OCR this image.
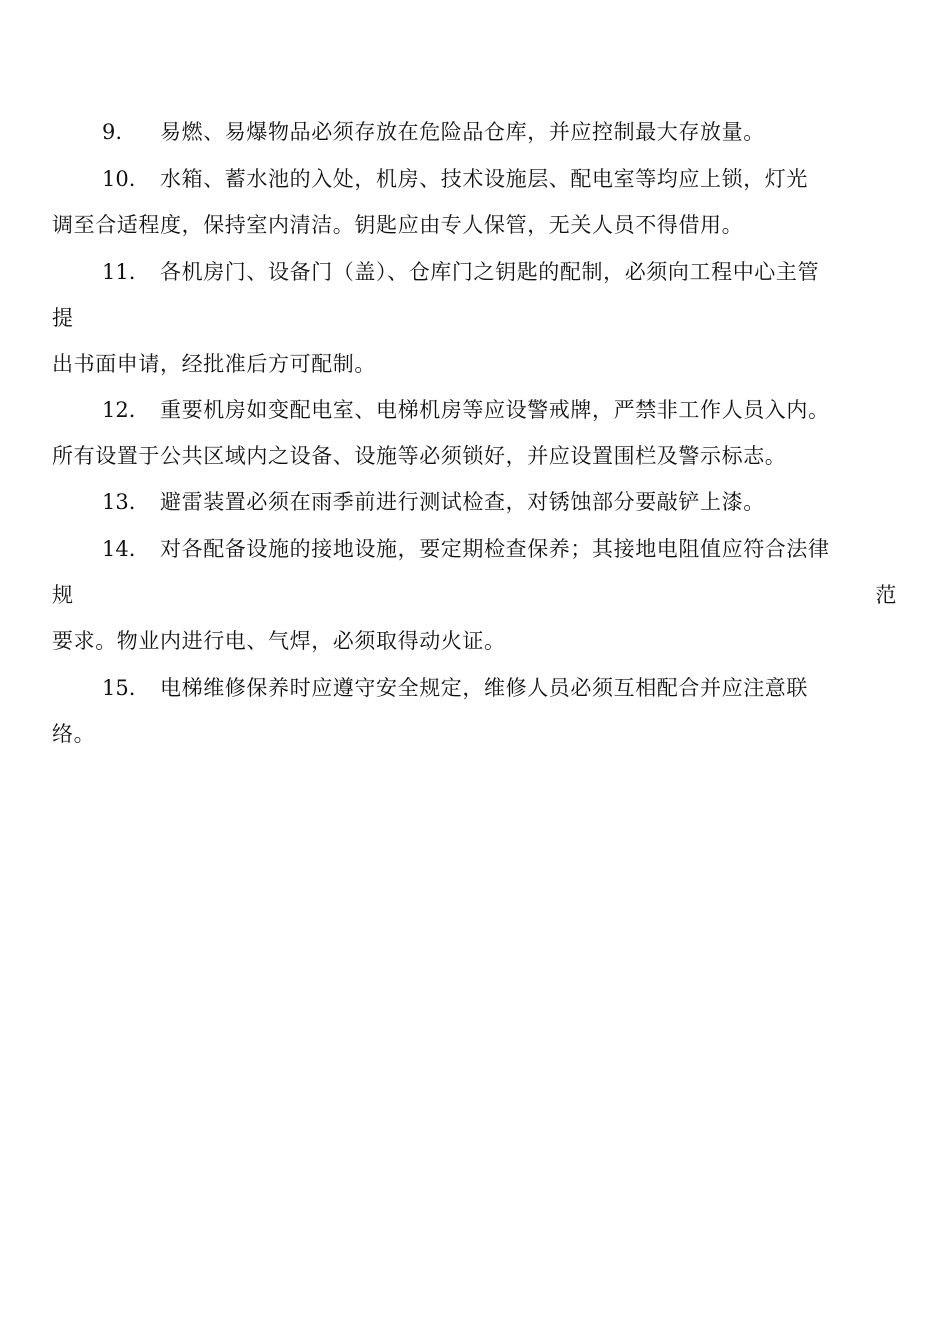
9. 易燃、易爆物品必须存放在危险品仓库，并应控制最大存放量。
10. 水箱、蓄水池的入处，机房、技术设施层、配电室等均应上锁，灯光
调至合适程度，保持室内清洁。钥匙应由专人保管，无关人员不得借用。
11. 各机房门、设备门（盖）、仓库门之钥匙的配制，必须向工程中心主管
提
出书面申请，经批准后方可配制。
12. 重要机房如变配电室、电梯机房等应设警戒牌，严禁非工作人员入内。
所有设置于公共区域内之设备、设施等必须锁好，并应设置围栏及警示标志。
13. 避雷装置必须在雨季前进行测试检查，对锈蚀部分要敲铲上漆。
14. 对各配备设施的接地设施，要定期检查保养；其接地电阻值应符合法律
规	范
要求。物业内进行电、气焊，必须取得动火证。
15. 电梯维修保养时应遵守安全规定，维修人员必须互相配合并应注意联
络。
